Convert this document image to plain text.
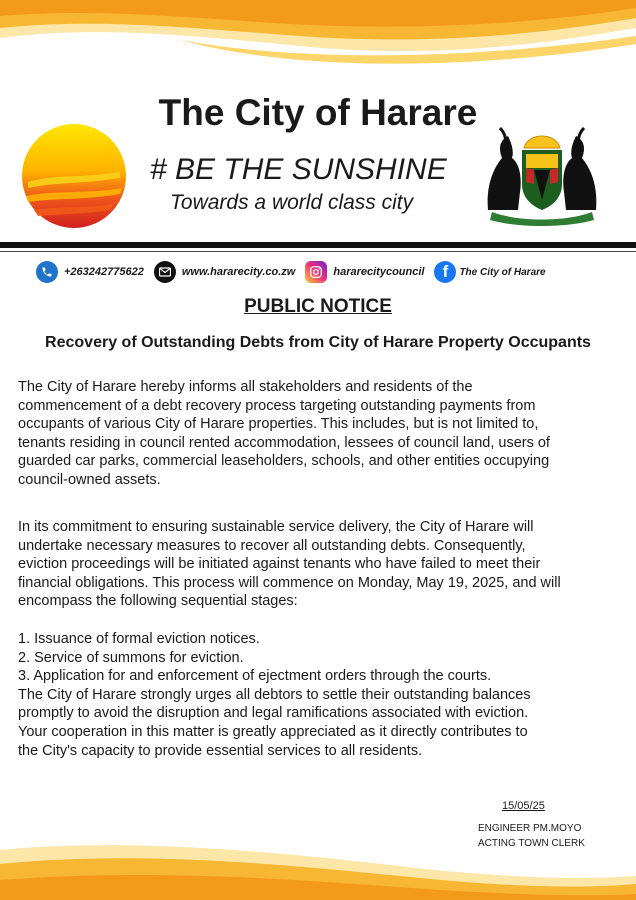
The City of Harare
# BE THE SUNSHINE
Towards a world class city
+263242775622	www.hararecity.co.zw	hararecitycouncil	f	The City of Harare
PUBLIC NOTICE
Recovery of Outstanding Debts from City of Harare Property Occupants
The City of Harare hereby informs all stakeholders and residents of the
commencement of a debt recovery process targeting outstanding payments from
occupants of various City of Harare properties. This includes, but is not limited to,
tenants residing in council rented accommodation, lessees of council land, users of
guarded car parks, commercial leaseholders, schools, and other entities occupying
council-owned assets.
In its commitment to ensuring sustainable service delivery, the City of Harare will
undertake necessary measures to recover all outstanding debts. Consequently,
eviction proceedings will be initiated against tenants who have failed to meet their
financial obligations. This process will commence on Monday, May 19, 2025, and will
encompass the following sequential stages:
1. Issuance of formal eviction notices.
2. Service of summons for eviction.
3. Application for and enforcement of ejectment orders through the courts.
The City of Harare strongly urges all debtors to settle their outstanding balances
promptly to avoid the disruption and legal ramifications associated with eviction.
Your cooperation in this matter is greatly appreciated as it directly contributes to
the City's capacity to provide essential services to all residents.
15/05/25
ENGINEER PM.MOYO
ACTING TOWN CLERK
